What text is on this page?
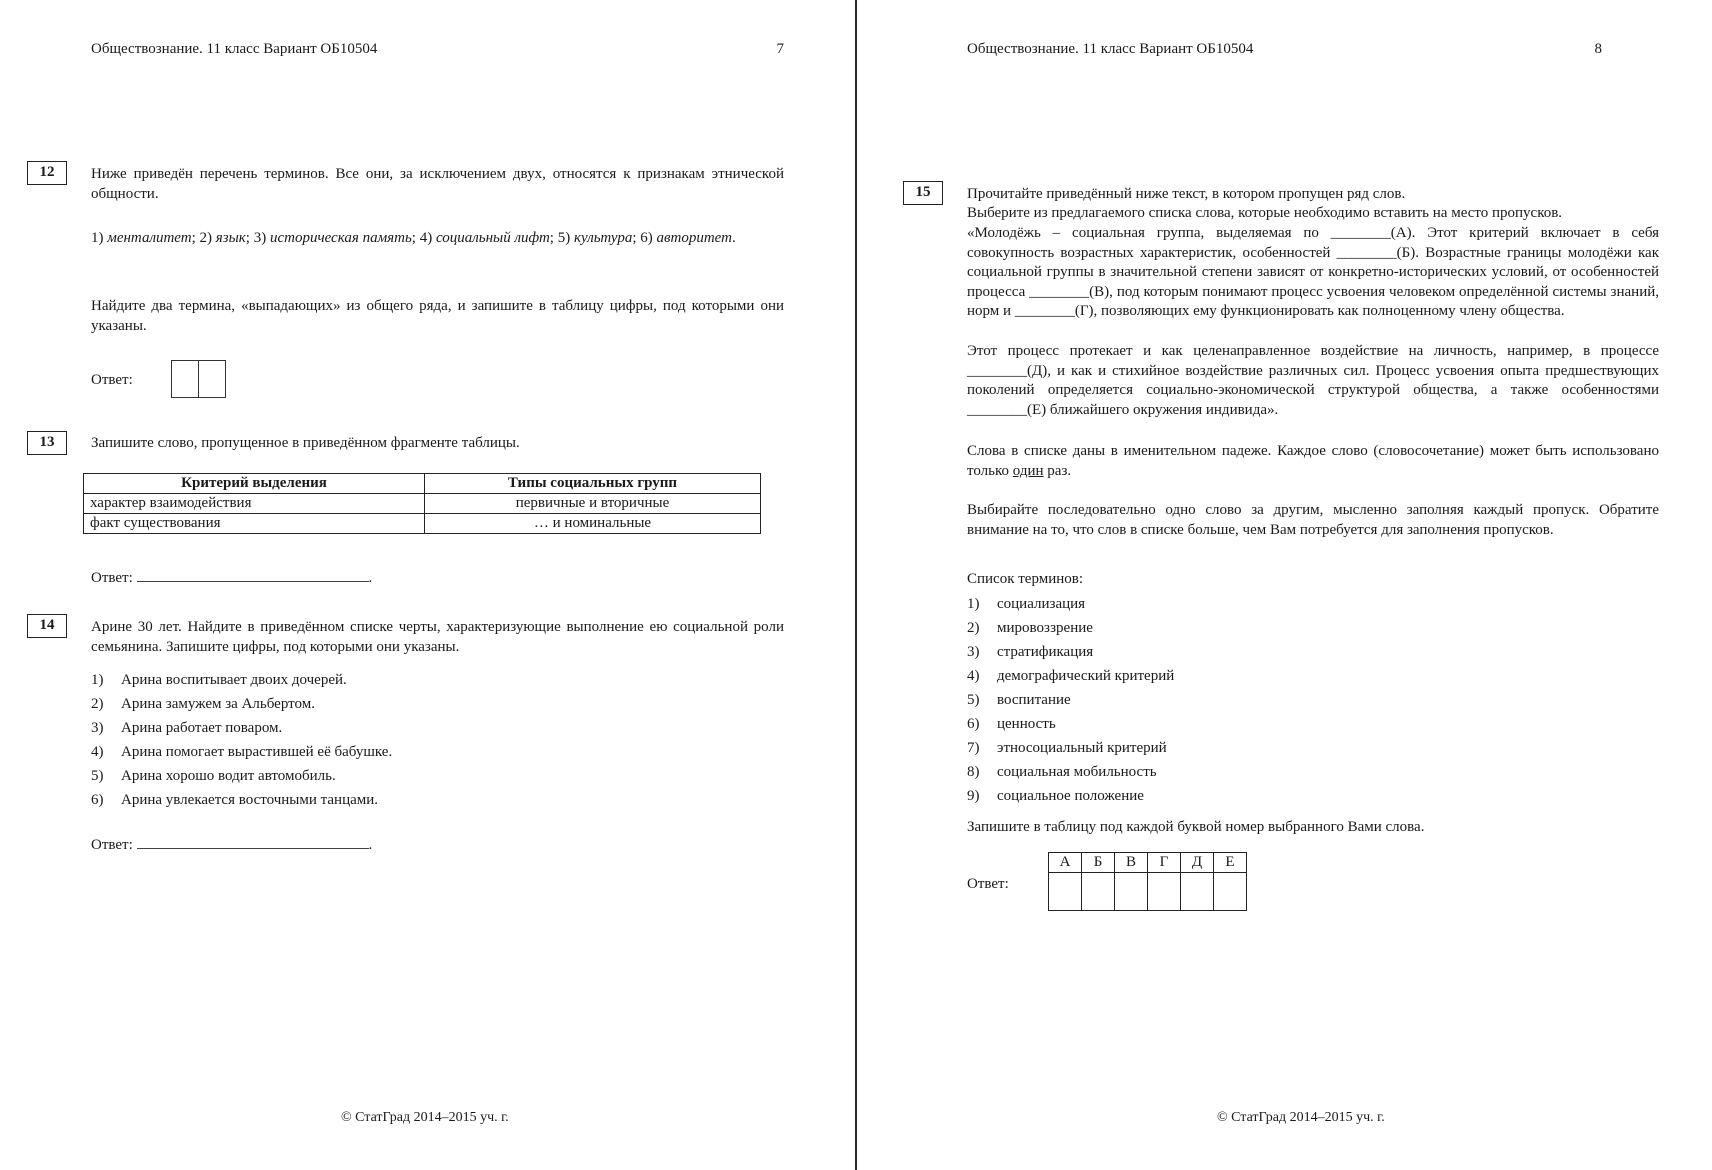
Обществознание. 11 класс Вариант ОБ10504	7
12	Ниже приведён перечень терминов. Все они, за исключением двух, относятся к признакам этнической общности.
1) менталитет; 2) язык; 3) историческая память; 4) социальный лифт; 5) культура; 6) авторитет.
Найдите два термина, «выпадающих» из общего ряда, и запишите в таблицу цифры, под которыми они указаны.
Ответ:
13	Запишите слово, пропущенное в приведённом фрагменте таблицы.
Критерий выделения	Типы социальных групп
характер взаимодействия	первичные и вторичные
факт существования	… и номинальные
Ответ:	.
14	Арине 30 лет. Найдите в приведённом списке черты, характеризующие выполнение ею социальной роли семьянина. Запишите цифры, под которыми они указаны.
1) Арина воспитывает двоих дочерей.
2) Арина замужем за Альбертом.
3) Арина работает поваром.
4) Арина помогает вырастившей её бабушке.
5) Арина хорошо водит автомобиль.
6) Арина увлекается восточными танцами.
Ответ:	.
© СтатГрад 2014–2015 уч. г.
Обществознание. 11 класс Вариант ОБ10504	8
15	Прочитайте приведённый ниже текст, в котором пропущен ряд слов.
Выберите из предлагаемого списка слова, которые необходимо вставить на место пропусков.
«Молодёжь – социальная группа, выделяемая по ________(А). Этот критерий включает в себя совокупность возрастных характеристик, особенностей ________(Б). Возрастные границы молодёжи как социальной группы в значительной степени зависят от конкретно-исторических условий, от особенностей процесса ________(В), под которым понимают процесс усвоения человеком определённой системы знаний, норм и ________(Г), позволяющих ему функционировать как полноценному члену общества.
Этот процесс протекает и как целенаправленное воздействие на личность, например, в процессе ________(Д), и как и стихийное воздействие различных сил. Процесс усвоения опыта предшествующих поколений определяется социально-экономической структурой общества, а также особенностями ________(Е) ближайшего окружения индивида».
Слова в списке даны в именительном падеже. Каждое слово (словосочетание) может быть использовано только один раз.
Выбирайте последовательно одно слово за другим, мысленно заполняя каждый пропуск. Обратите внимание на то, что слов в списке больше, чем Вам потребуется для заполнения пропусков.
Список терминов:
1) социализация
2) мировоззрение
3) стратификация
4) демографический критерий
5) воспитание
6) ценность
7) этносоциальный критерий
8) социальная мобильность
9) социальное положение
Запишите в таблицу под каждой буквой номер выбранного Вами слова.
Ответ:
А	Б	В	Г	Д	Е

© СтатГрад 2014–2015 уч. г.
